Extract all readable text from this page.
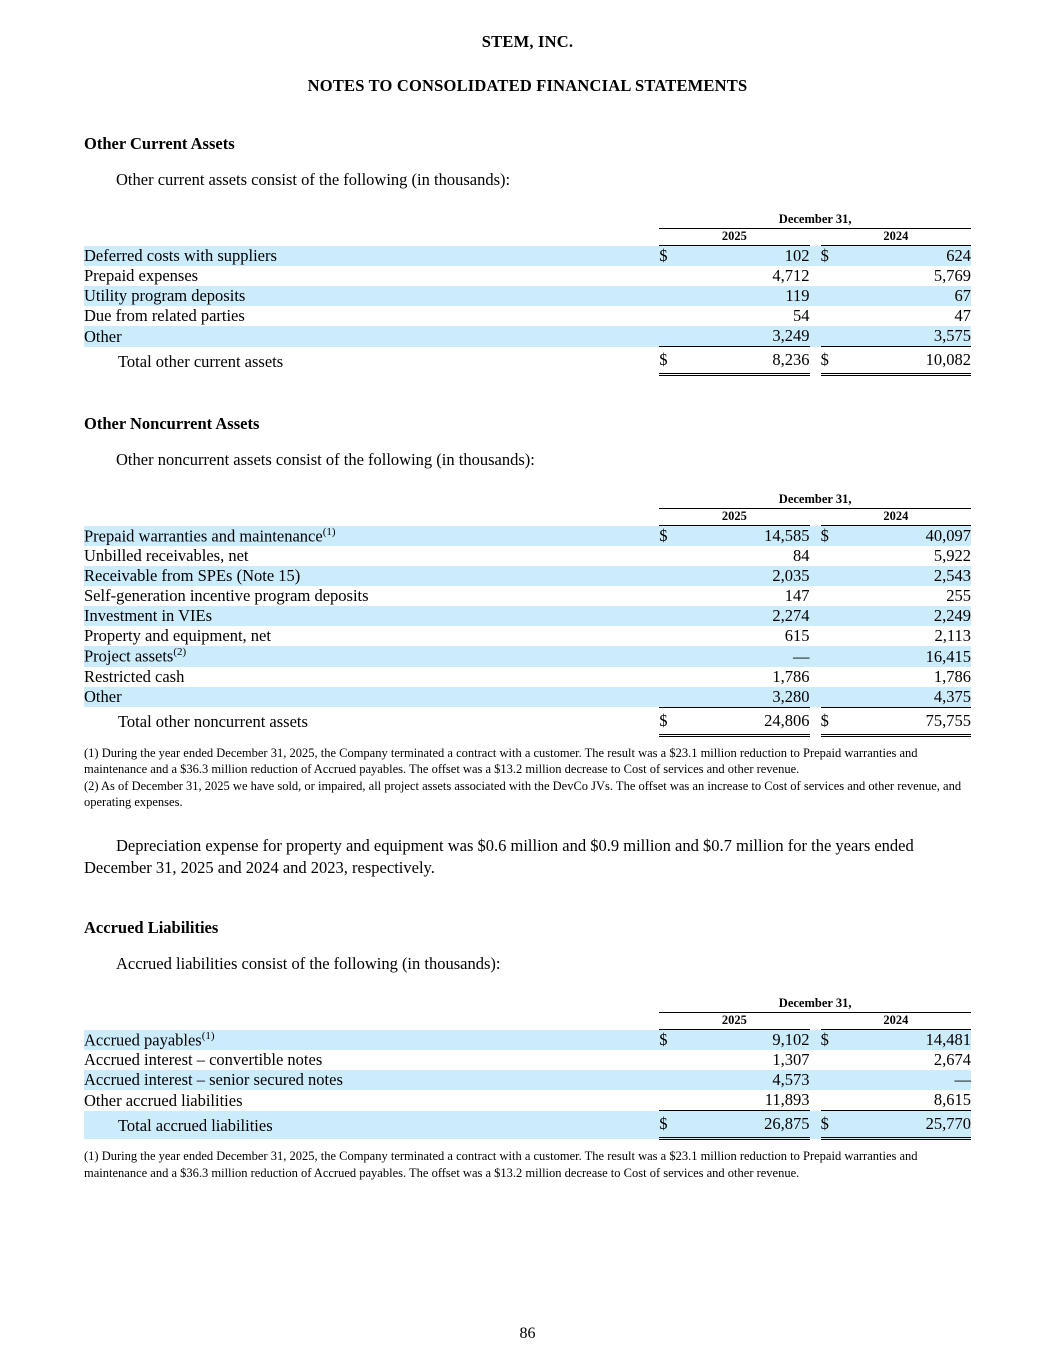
STEM, INC.
NOTES TO CONSOLIDATED FINANCIAL STATEMENTS
Other Current Assets
Other current assets consist of the following (in thousands):
	December 31,				

	2025			2024	

Deferred costs with suppliers	$	102		$	624
Prepaid expenses		4,712			5,769
Utility program deposits		119			67
Due from related parties		54			47
Other		3,249			3,575
Total other current assets	$	8,236		$	10,082
Other Noncurrent Assets
Other noncurrent assets consist of the following (in thousands):
	December 31,				

	2025			2024	

Prepaid warranties and maintenance$^{(1)}$	$	14,585		$	40,097
Unbilled receivables, net		84			5,922
Receivable from SPEs (Note 15)		2,035			2,543
Self-generation incentive program deposits		147			255
Investment in VIEs		2,274			2,249
Property and equipment, net		615			2,113
Project assets$^{(2)}$		—			16,415
Restricted cash		1,786			1,786
Other		3,280			4,375
Total other noncurrent assets	$	24,806		$	75,755
(1) During the year ended December 31, 2025, the Company terminated a contract with a customer. The result was a $23.1 million reduction to Prepaid warranties and maintenance and a $36.3 million reduction of Accrued payables. The offset was a $13.2 million decrease to Cost of services and other revenue.
(2) As of December 31, 2025 we have sold, or impaired, all project assets associated with the DevCo JVs. The offset was an increase to Cost of services and other revenue, and operating expenses.
Depreciation expense for property and equipment was $0.6 million and $0.9 million and $0.7 million for the years ended December 31, 2025 and 2024 and 2023, respectively.
Accrued Liabilities
Accrued liabilities consist of the following (in thousands):
	December 31,				

	2025			2024	

Accrued payables$^{(1)}$	$	9,102		$	14,481
Accrued interest – convertible notes		1,307			2,674
Accrued interest – senior secured notes		4,573			—
Other accrued liabilities		11,893			8,615
Total accrued liabilities	$	26,875		$	25,770
(1) During the year ended December 31, 2025, the Company terminated a contract with a customer. The result was a $23.1 million reduction to Prepaid warranties and maintenance and a $36.3 million reduction of Accrued payables. The offset was a $13.2 million decrease to Cost of services and other revenue.
86
